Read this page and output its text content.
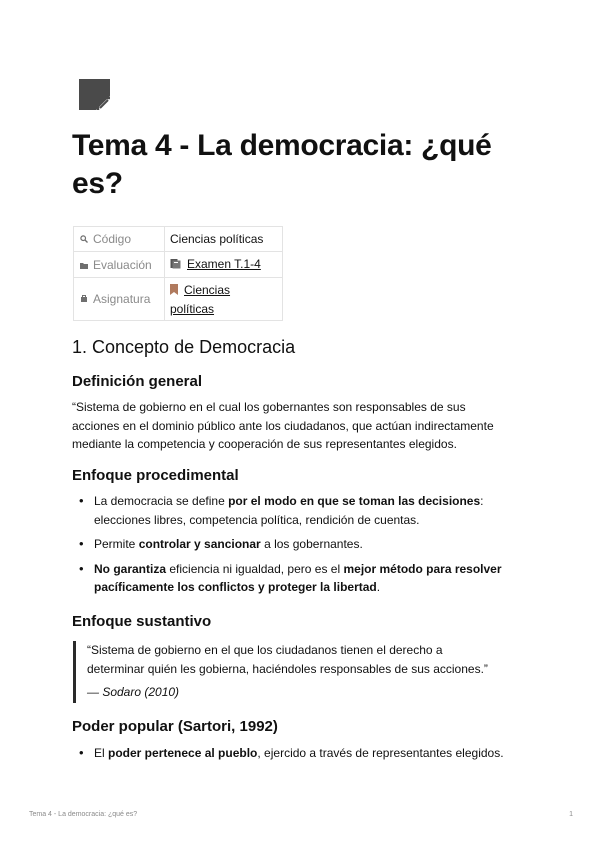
Tema 4 - La democracia: ¿qué es?
Código	Ciencias políticas
Evaluación	Examen T.1-4
Asignatura	Ciencias
políticas
1. Concepto de Democracia
Definición general

“Sistema de gobierno en el cual los gobernantes son responsables de sus
acciones en el dominio público ante los ciudadanos, que actúan indirectamente
mediante la competencia y cooperación de sus representantes elegidos.

Enfoque procedimental
• La democracia se define por el modo en que se toman las decisiones:
elecciones libres, competencia política, rendición de cuentas.
• Permite controlar y sancionar a los gobernantes.
• No garantiza eficiencia ni igualdad, pero es el mejor método para resolver
pacíficamente los conflictos y proteger la libertad.
Enfoque sustantivo

“Sistema de gobierno en el que los ciudadanos tienen el derecho a
determinar quién les gobierna, haciéndoles responsables de sus acciones.”

— Sodaro (2010)

Poder popular (Sartori, 1992)
• El poder pertenece al pueblo, ejercido a través de representantes elegidos.
Tema 4 - La democracia: ¿qué es?	1
